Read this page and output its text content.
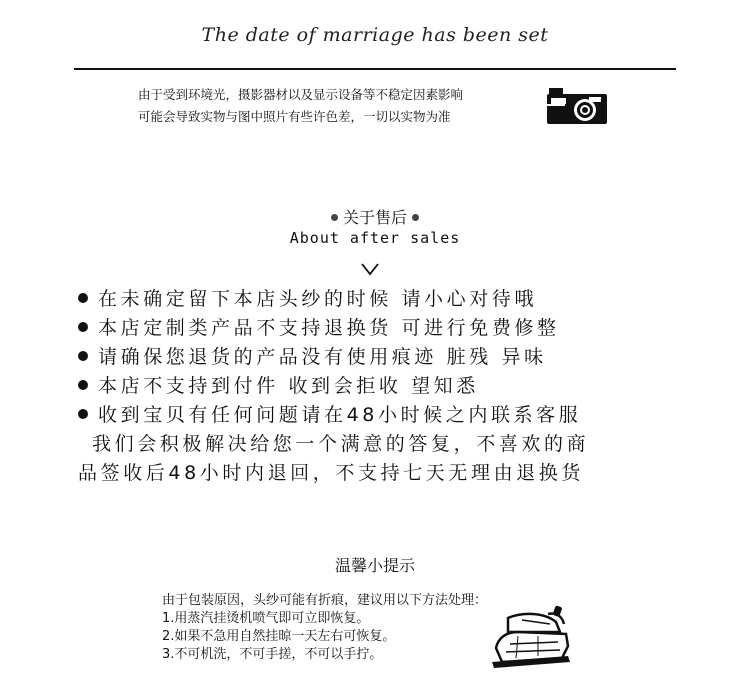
The date of marriage has been set
由于受到环境光，摄影器材以及显示设备等不稳定因素影响
可能会导致实物与图中照片有些许色差，一切以实物为准
关于售后
About after sales
在未确定留下本店头纱的时候 请小心对待哦
本店定制类产品不支持退换货 可进行免费修整
请确保您退货的产品没有使用痕迹 脏残 异味
本店不支持到付件 收到会拒收 望知悉
收到宝贝有任何问题请在48小时候之内联系客服
我们会积极解决给您一个满意的答复，不喜欢的商
品签收后48小时内退回，不支持七天无理由退换货
温馨小提示
由于包装原因，头纱可能有折痕，建议用以下方法处理：
1.用蒸汽挂烫机喷气即可立即恢复。
2.如果不急用自然挂晾一天左右可恢复。
3.不可机洗，不可手搓，不可以手拧。
